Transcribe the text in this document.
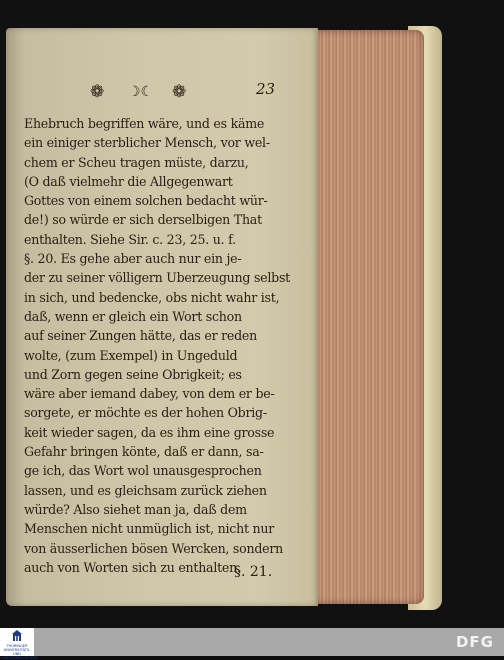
❁ ☽☾ ❁	23
Ehebruch begriffen wäre, und es käme
ein einiger sterblicher Mensch, vor wel-
chem er Scheu tragen müste, darzu,
(O daß vielmehr die Allgegenwart
Gottes von einem solchen bedacht wür-
de!) so würde er sich derselbigen That
enthalten. Siehe Sir. c. 23, 25. u. f.
§. 20. Es gehe aber auch nur ein je-
der zu seiner völligern Uberzeugung selbst
in sich, und bedencke, obs nicht wahr ist,
daß, wenn er gleich ein Wort schon
auf seiner Zungen hätte, das er reden
wolte, (zum Exempel) in Ungeduld
und Zorn gegen seine Obrigkeit; es
wäre aber iemand dabey, von dem er be-
sorgete, er möchte es der hohen Obrig-
keit wieder sagen, da es ihm eine grosse
Gefahr bringen könte, daß er dann, sa-
ge ich, das Wort wol unausgesprochen
lassen, und es gleichsam zurück ziehen
würde? Also siehet man ja, daß dem
Menschen nicht unmüglich ist, nicht nur
von äusserlichen bösen Wercken, sondern
auch von Worten sich zu enthalten.
§. 21.
THÜRINGER
UNIVERSITÄTS- UND
LANDESBIBLIOTHEK
DFG
